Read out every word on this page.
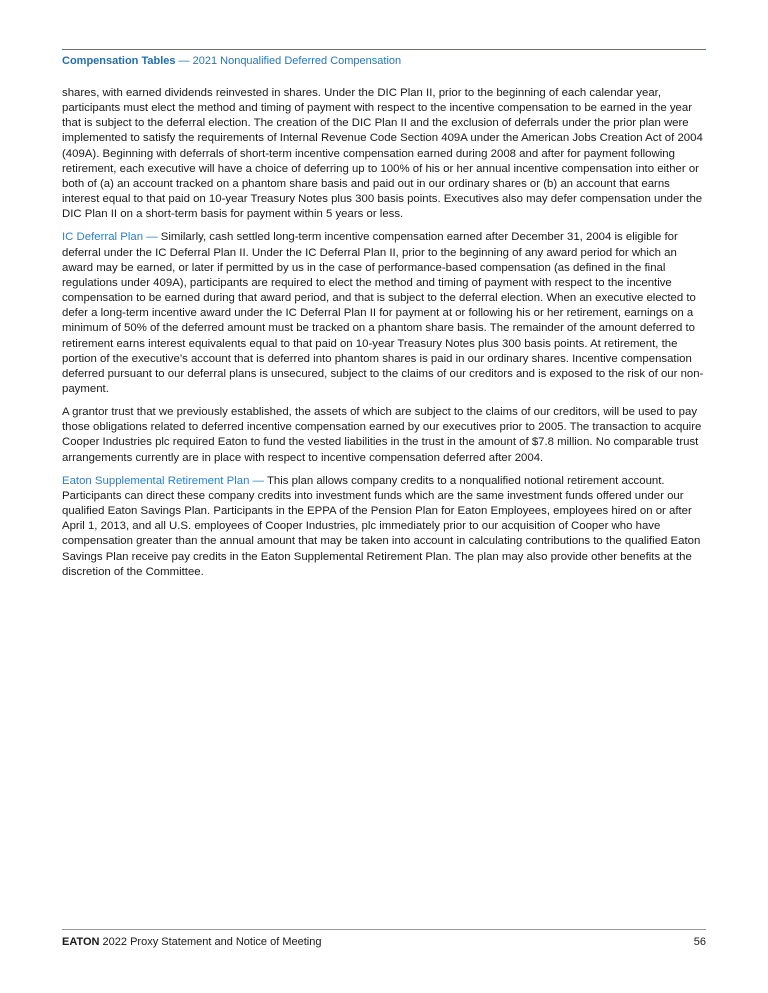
Compensation Tables — 2021 Nonqualified Deferred Compensation

shares, with earned dividends reinvested in shares. Under the DIC Plan II, prior to the beginning of each calendar year, participants must elect the method and timing of payment with respect to the incentive compensation to be earned in the year that is subject to the deferral election. The creation of the DIC Plan II and the exclusion of deferrals under the prior plan were implemented to satisfy the requirements of Internal Revenue Code Section 409A under the American Jobs Creation Act of 2004 (409A). Beginning with deferrals of short-term incentive compensation earned during 2008 and after for payment following retirement, each executive will have a choice of deferring up to 100% of his or her annual incentive compensation into either or both of (a) an account tracked on a phantom share basis and paid out in our ordinary shares or (b) an account that earns interest equal to that paid on 10-year Treasury Notes plus 300 basis points. Executives also may defer compensation under the DIC Plan II on a short-term basis for payment within 5 years or less.

IC Deferral Plan — Similarly, cash settled long-term incentive compensation earned after December 31, 2004 is eligible for deferral under the IC Deferral Plan II. Under the IC Deferral Plan II, prior to the beginning of any award period for which an award may be earned, or later if permitted by us in the case of performance-based compensation (as defined in the final regulations under 409A), participants are required to elect the method and timing of payment with respect to the incentive compensation to be earned during that award period, and that is subject to the deferral election. When an executive elected to defer a long-term incentive award under the IC Deferral Plan II for payment at or following his or her retirement, earnings on a minimum of 50% of the deferred amount must be tracked on a phantom share basis. The remainder of the amount deferred to retirement earns interest equivalents equal to that paid on 10-year Treasury Notes plus 300 basis points. At retirement, the portion of the executive’s account that is deferred into phantom shares is paid in our ordinary shares. Incentive compensation deferred pursuant to our deferral plans is unsecured, subject to the claims of our creditors and is exposed to the risk of our non-payment.

A grantor trust that we previously established, the assets of which are subject to the claims of our creditors, will be used to pay those obligations related to deferred incentive compensation earned by our executives prior to 2005. The transaction to acquire Cooper Industries plc required Eaton to fund the vested liabilities in the trust in the amount of $7.8 million. No comparable trust arrangements currently are in place with respect to incentive compensation deferred after 2004.

Eaton Supplemental Retirement Plan — This plan allows company credits to a nonqualified notional retirement account. Participants can direct these company credits into investment funds which are the same investment funds offered under our qualified Eaton Savings Plan. Participants in the EPPA of the Pension Plan for Eaton Employees, employees hired on or after April 1, 2013, and all U.S. employees of Cooper Industries, plc immediately prior to our acquisition of Cooper who have compensation greater than the annual amount that may be taken into account in calculating contributions to the qualified Eaton Savings Plan receive pay credits in the Eaton Supplemental Retirement Plan. The plan may also provide other benefits at the discretion of the Committee.

EATON 2022 Proxy Statement and Notice of Meeting	56
